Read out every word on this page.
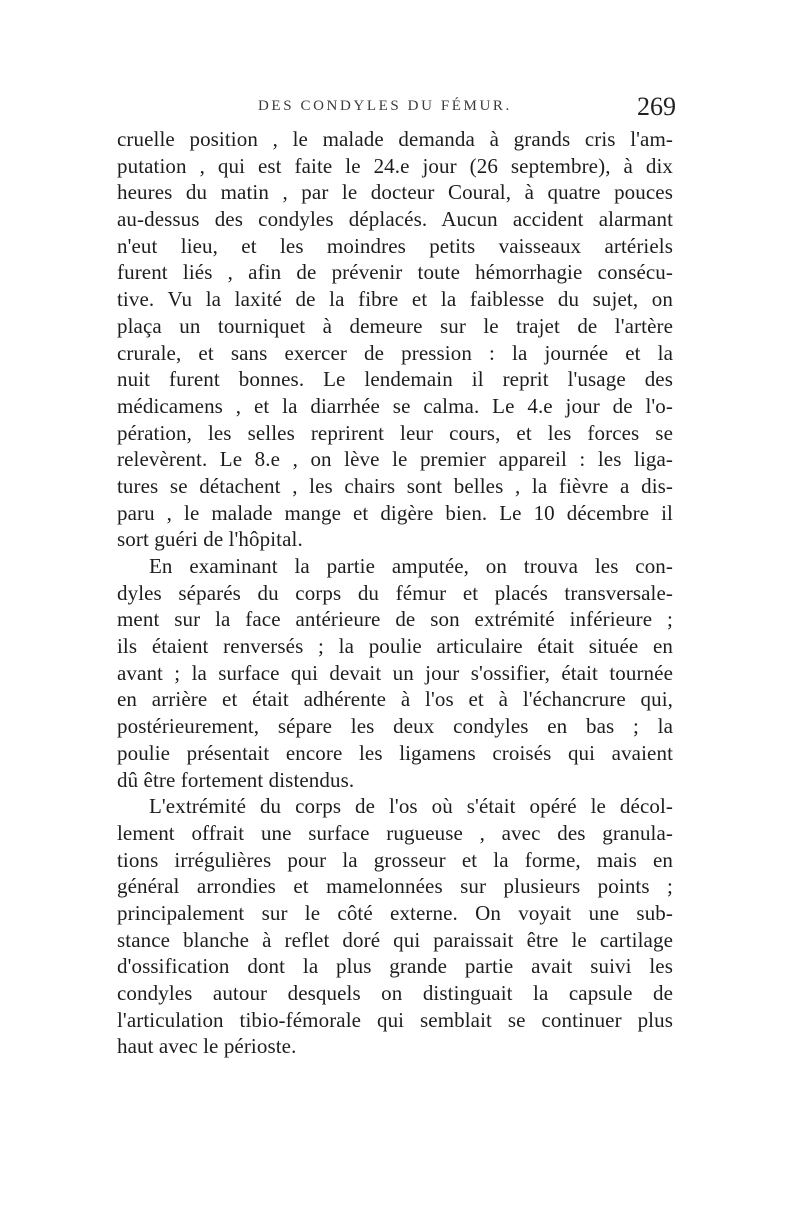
DES CONDYLES DU FÉMUR.	269
cruelle position , le malade demanda à grands cris l'am-
putation , qui est faite le 24.e jour (26 septembre), à dix
heures du matin , par le docteur Coural, à quatre pouces
au-dessus des condyles déplacés. Aucun accident alarmant
n'eut lieu, et les moindres petits vaisseaux artériels
furent liés , afin de prévenir toute hémorrhagie consécu-
tive. Vu la laxité de la fibre et la faiblesse du sujet, on
plaça un tourniquet à demeure sur le trajet de l'artère
crurale, et sans exercer de pression : la journée et la
nuit furent bonnes. Le lendemain il reprit l'usage des
médicamens , et la diarrhée se calma. Le 4.e jour de l'o-
pération, les selles reprirent leur cours, et les forces se
relevèrent. Le 8.e , on lève le premier appareil : les liga-
tures se détachent , les chairs sont belles , la fièvre a dis-
paru , le malade mange et digère bien. Le 10 décembre il
sort guéri de l'hôpital.
En examinant la partie amputée, on trouva les con-
dyles séparés du corps du fémur et placés transversale-
ment sur la face antérieure de son extrémité inférieure ;
ils étaient renversés ; la poulie articulaire était située en
avant ; la surface qui devait un jour s'ossifier, était tournée
en arrière et était adhérente à l'os et à l'échancrure qui,
postérieurement, sépare les deux condyles en bas ; la
poulie présentait encore les ligamens croisés qui avaient
dû être fortement distendus.
L'extrémité du corps de l'os où s'était opéré le décol-
lement offrait une surface rugueuse , avec des granula-
tions irrégulières pour la grosseur et la forme, mais en
général arrondies et mamelonnées sur plusieurs points ;
principalement sur le côté externe. On voyait une sub-
stance blanche à reflet doré qui paraissait être le cartilage
d'ossification dont la plus grande partie avait suivi les
condyles autour desquels on distinguait la capsule de
l'articulation tibio-fémorale qui semblait se continuer plus
haut avec le périoste.
